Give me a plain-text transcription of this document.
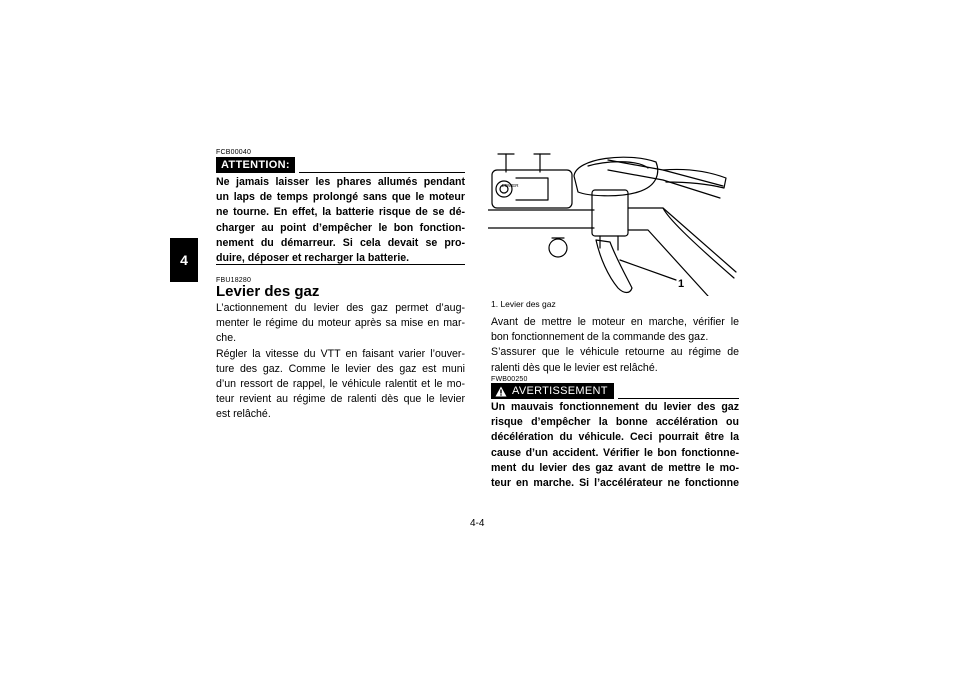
4
FCB00040
ATTENTION:
Ne jamais laisser les phares allumés pendant
un laps de temps prolongé sans que le moteur
ne tourne. En effet, la batterie risque de se dé-
charger au point d’empêcher le bon fonction-
nement du démarreur. Si cela devait se pro-
duire, déposer et recharger la batterie.
FBU18280
Levier des gaz
L’actionnement du levier des gaz permet d’aug-
menter le régime du moteur après sa mise en mar-
che.
Régler la vitesse du VTT en faisant varier l’ouver-
ture des gaz. Comme le levier des gaz est muni
d’un ressort de rappel, le véhicule ralentit et le mo-
teur revient au régime de ralenti dès que le levier
est relâché.
LOWER
1
1. Levier des gaz
Avant de mettre le moteur en marche, vérifier le
bon fonctionnement de la commande des gaz.
S’assurer que le véhicule retourne au régime de
ralenti dès que le levier est relâché.
FWB00250
AVERTISSEMENT
Un mauvais fonctionnement du levier des gaz
risque d’empêcher la bonne accélération ou
décélération du véhicule. Ceci pourrait être la
cause d’un accident. Vérifier le bon fonctionne-
ment du levier des gaz avant de mettre le mo-
teur en marche. Si l’accélérateur ne fonctionne
4-4
